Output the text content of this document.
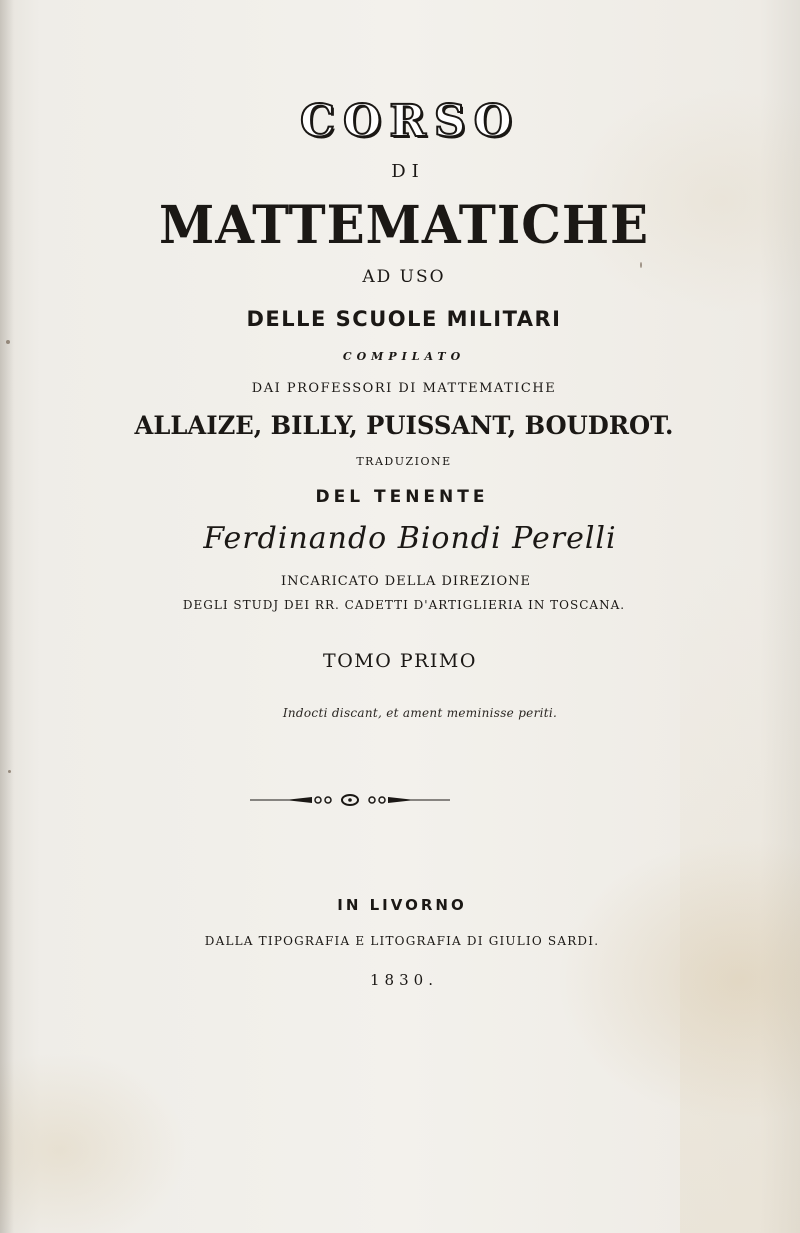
CORSO
DI
MATTEMATICHE
AD USO
DELLE SCUOLE MILITARI
COMPILATO
DAI PROFESSORI DI MATTEMATICHE
ALLAIZE, BILLY, PUISSANT, BOUDROT.
TRADUZIONE
DEL TENENTE
Ferdinando Biondi Perelli
INCARICATO DELLA DIREZIONE
DEGLI STUDJ DEI RR. CADETTI D'ARTIGLIERIA IN TOSCANA.
TOMO PRIMO
Indocti discant, et ament meminisse periti.
IN LIVORNO
DALLA TIPOGRAFIA E LITOGRAFIA DI GIULIO SARDI.
1830.
